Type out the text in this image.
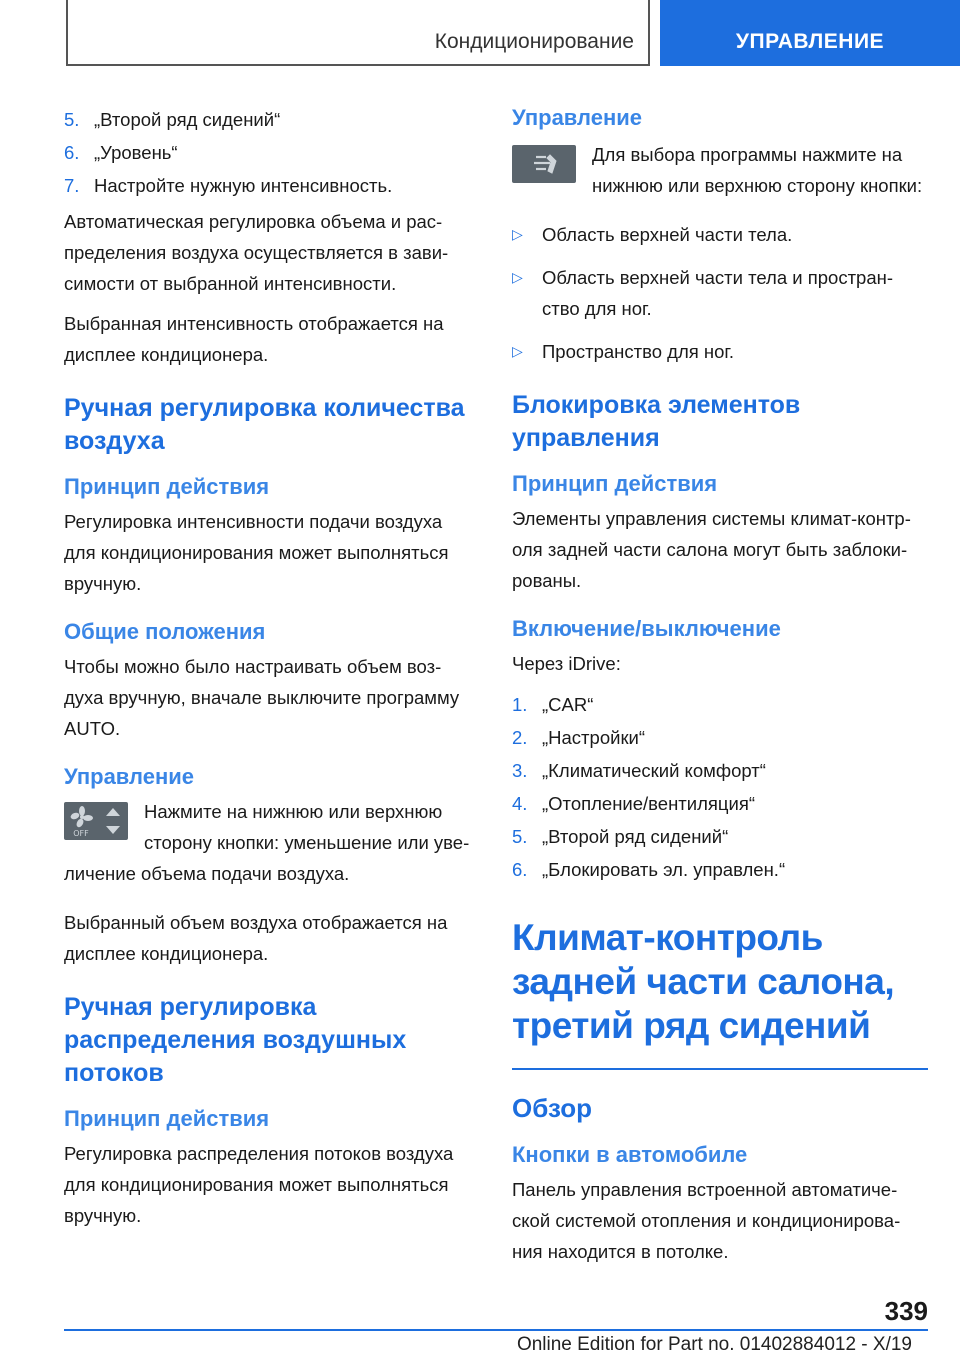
Кондиционирование	УПРАВЛЕНИЕ
5. „Второй ряд сидений“
6. „Уровень“
7. Настройте нужную интенсивность.

Автоматическая регулировка объема и рас-пределения воздуха осуществляется в зави-симости от выбранной интенсивности.

Выбранная интенсивность отображается на дисплее кондиционера.

Ручная регулировка количества воздуха
Принцип действия

Регулировка интенсивности подачи воздуха для кондиционирования может выполняться вручную.

Общие положения

Чтобы можно было настраивать объем воз-духа вручную, вначале выключите программу AUTO.

Управление
OFF
Нажмите на нижнюю или верхнюю сторону кнопки: уменьшение или уве-личение объема подачи воздуха.

Выбранный объем воздуха отображается на дисплее кондиционера.

Ручная регулировка распределения воздушных потоков
Принцип действия

Регулировка распределения потоков воздуха для кондиционирования может выполняться вручную.

Управление
Для выбора программы нажмите на нижнюю или верхнюю сторону кнопки:
▷	Область верхней части тела.
▷	Область верхней части тела и простран-ство для ног.
▷	Пространство для ног.
Блокировка элементов управления
Принцип действия

Элементы управления системы климат-контр-оля задней части салона могут быть заблоки-рованы.

Включение/выключение

Через iDrive:

1. „CAR“
2. „Настройки“
3. „Климатический комфорт“
4. „Отопление/вентиляция“
5. „Второй ряд сидений“
6. „Блокировать эл. управлен.“
Климат-контроль задней части салона, третий ряд сидений
Обзор
Кнопки в автомобиле

Панель управления встроенной автоматиче-ской системой отопления и кондиционирова-ния находится в потолке.

339
Online Edition for Part no. 01402884012 - X/19
